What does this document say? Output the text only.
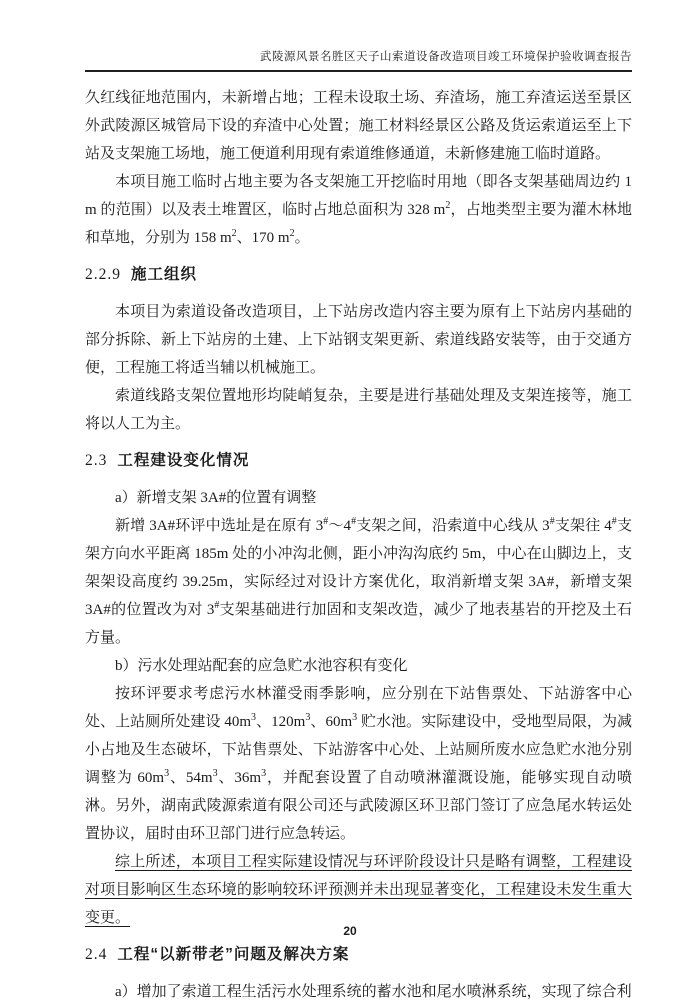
武陵源风景名胜区天子山索道设备改造项目竣工环境保护验收调查报告

久红线征地范围内，未新增占地；工程未设取土场、弃渣场，施工弃渣运送至景区外武陵源区城管局下设的弃渣中心处置；施工材料经景区公路及货运索道运至上下站及支架施工场地，施工便道利用现有索道维修通道，未新修建施工临时道路。

本项目施工临时占地主要为各支架施工开挖临时用地（即各支架基础周边约 1 m 的范围）以及表土堆置区，临时占地总面积为 328 $m^2$，占地类型主要为灌木林地和草地，分别为 158 $m^2$、170 $m^2$。

2.2.9 施工组织

本项目为索道设备改造项目，上下站房改造内容主要为原有上下站房内基础的部分拆除、新上下站房的土建、上下站钢支架更新、索道线路安装等，由于交通方便，工程施工将适当辅以机械施工。

索道线路支架位置地形均陡峭复杂，主要是进行基础处理及支架连接等，施工将以人工为主。

2.3 工程建设变化情况

a）新增支架 3A#的位置有调整

新增 3A#环评中选址是在原有 3#～4#支架之间，沿索道中心线从 3#支架往 4#支架方向水平距离 185m 处的小冲沟北侧，距小冲沟沟底约 5m，中心在山脚边上，支架架设高度约 39.25m，实际经过对设计方案优化，取消新增支架 3A#，新增支架 3A#的位置改为对 3#支架基础进行加固和支架改造，减少了地表基岩的开挖及土石方量。

b）污水处理站配套的应急贮水池容积有变化

按环评要求考虑污水林灌受雨季影响，应分别在下站售票处、下站游客中心处、上站厕所处建设 $40m^3$、$120m^3$、$60m^3$ 贮水池。实际建设中，受地型局限，为减小占地及生态破坏，下站售票处、下站游客中心处、上站厕所废水应急贮水池分别调整为 $60m^3$、$54m^3$、$36m^3$，并配套设置了自动喷淋灌溉设施，能够实现自动喷淋。另外，湖南武陵源索道有限公司还与武陵源区环卫部门签订了应急尾水转运处置协议，届时由环卫部门进行应急转运。

综上所述，本项目工程实际建设情况与环评阶段设计只是略有调整，工程建设对项目影响区生态环境的影响较环评预测并未出现显著变化，工程建设未发生重大变更。

2.4 工程“以新带老”问题及解决方案

a）增加了索道工程生活污水处理系统的蓄水池和尾水喷淋系统，实现了综合利

20
